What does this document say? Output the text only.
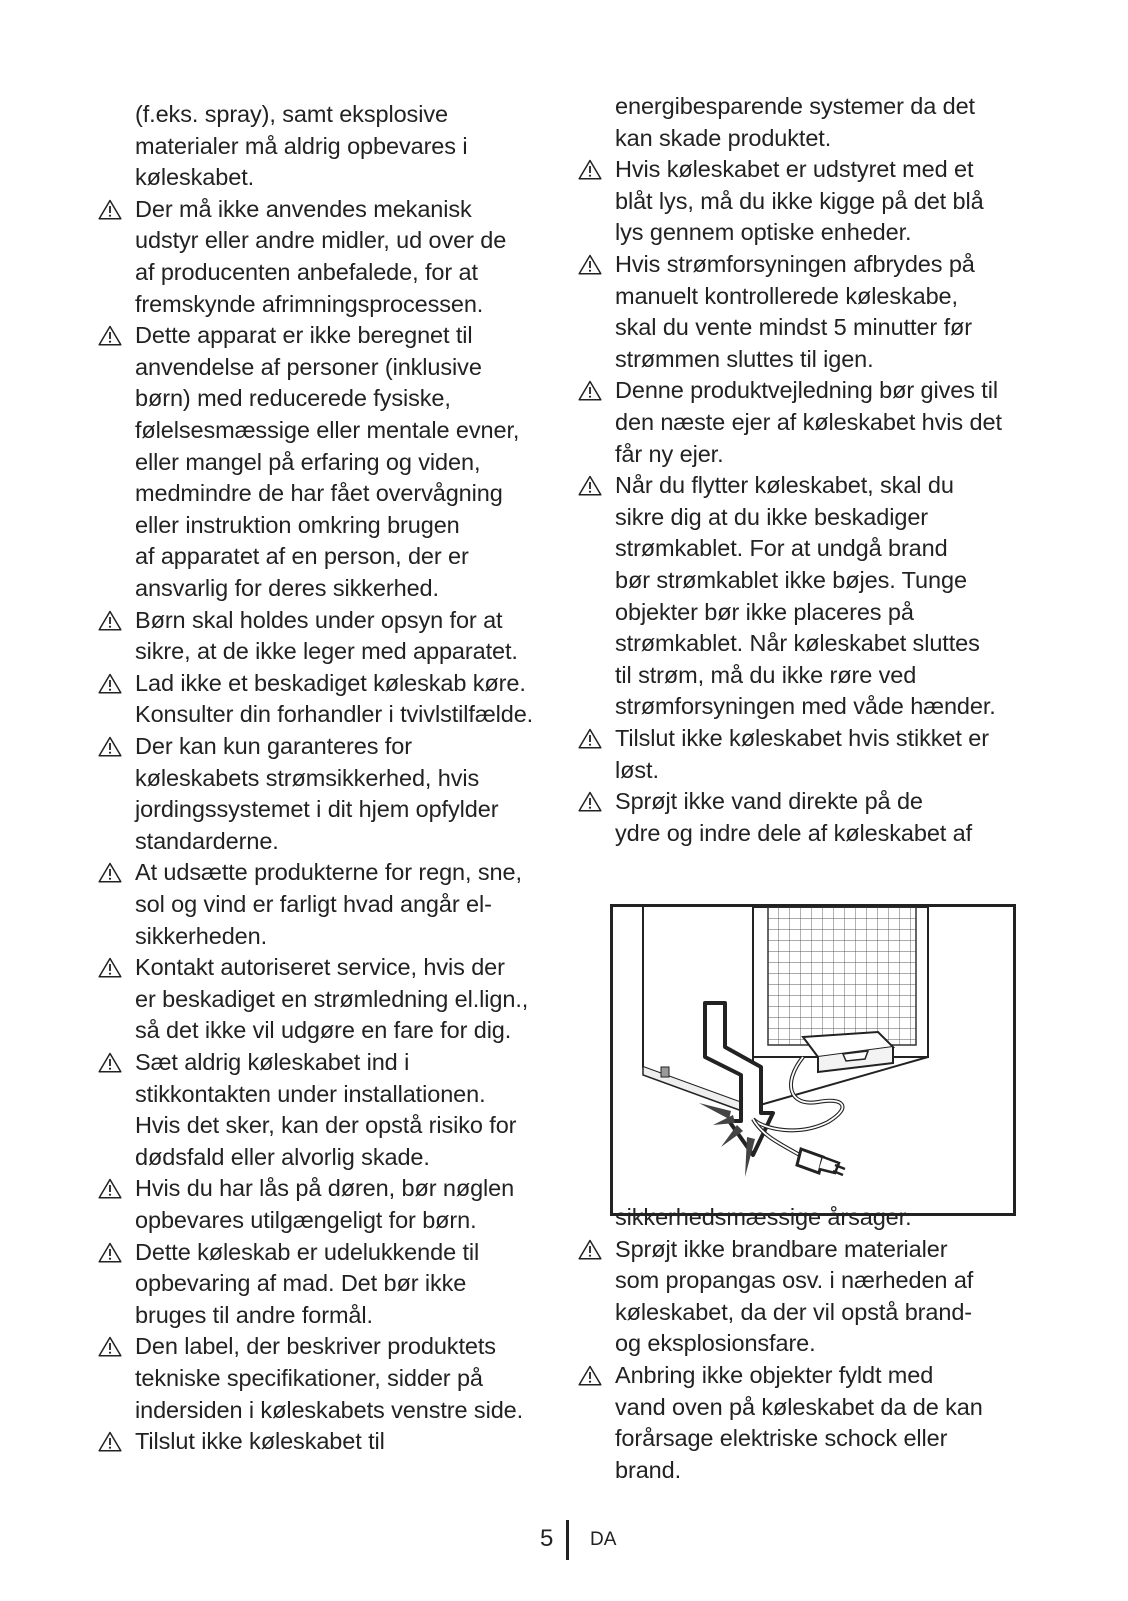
(f.eks. spray), samt eksplosive
materialer må aldrig opbevares i
køleskabet.
Der må ikke anvendes mekanisk
udstyr eller andre midler, ud over de
af producenten anbefalede, for at
fremskynde afrimningsprocessen.
Dette apparat er ikke beregnet til
anvendelse af personer (inklusive
børn) med reducerede fysiske,
følelsesmæssige eller mentale evner,
eller mangel på erfaring og viden,
medmindre de har fået overvågning
eller instruktion omkring brugen
af apparatet af en person, der er
ansvarlig for deres sikkerhed.
Børn skal holdes under opsyn for at
sikre, at de ikke leger med apparatet.
Lad ikke et beskadiget køleskab køre.
Konsulter din forhandler i tvivlstilfælde.
Der kan kun garanteres for
køleskabets strømsikkerhed, hvis
jordingssystemet i dit hjem opfylder
standarderne.
At udsætte produkterne for regn, sne,
sol og vind er farligt hvad angår el-
sikkerheden.
Kontakt autoriseret service, hvis der
er beskadiget en strømledning el.lign.,
så det ikke vil udgøre en fare for dig.
Sæt aldrig køleskabet ind i
stikkontakten under installationen.
Hvis det sker, kan der opstå risiko for
dødsfald eller alvorlig skade.
Hvis du har lås på døren, bør nøglen
opbevares utilgængeligt for børn.
Dette køleskab er udelukkende til
opbevaring af mad. Det bør ikke
bruges til andre formål.
Den label, der beskriver produktets
tekniske specifikationer, sidder på
indersiden i køleskabets venstre side.
Tilslut ikke køleskabet til
energibesparende systemer da det
kan skade produktet.
Hvis køleskabet er udstyret med et
blåt lys, må du ikke kigge på det blå
lys gennem optiske enheder.
Hvis strømforsyningen afbrydes på
manuelt kontrollerede køleskabe,
skal du vente mindst 5 minutter før
strømmen sluttes til igen.
Denne produktvejledning bør gives til
den næste ejer af køleskabet hvis det
får ny ejer.
Når du flytter køleskabet, skal du
sikre dig at du ikke beskadiger
strømkablet. For at undgå brand
bør strømkablet ikke bøjes. Tunge
objekter bør ikke placeres på
strømkablet. Når køleskabet sluttes
til strøm, må du ikke røre ved
strømforsyningen med våde hænder.
Tilslut ikke køleskabet hvis stikket er
løst.
Sprøjt ikke vand direkte på de
ydre og indre dele af køleskabet af
sikkerhedsmæssige årsager.
Sprøjt ikke brandbare materialer
som propangas osv. i nærheden af
køleskabet, da der vil opstå brand-
og eksplosionsfare.
Anbring ikke objekter fyldt med
vand oven på køleskabet da de kan
forårsage elektriske schock eller
brand.
5 DA
